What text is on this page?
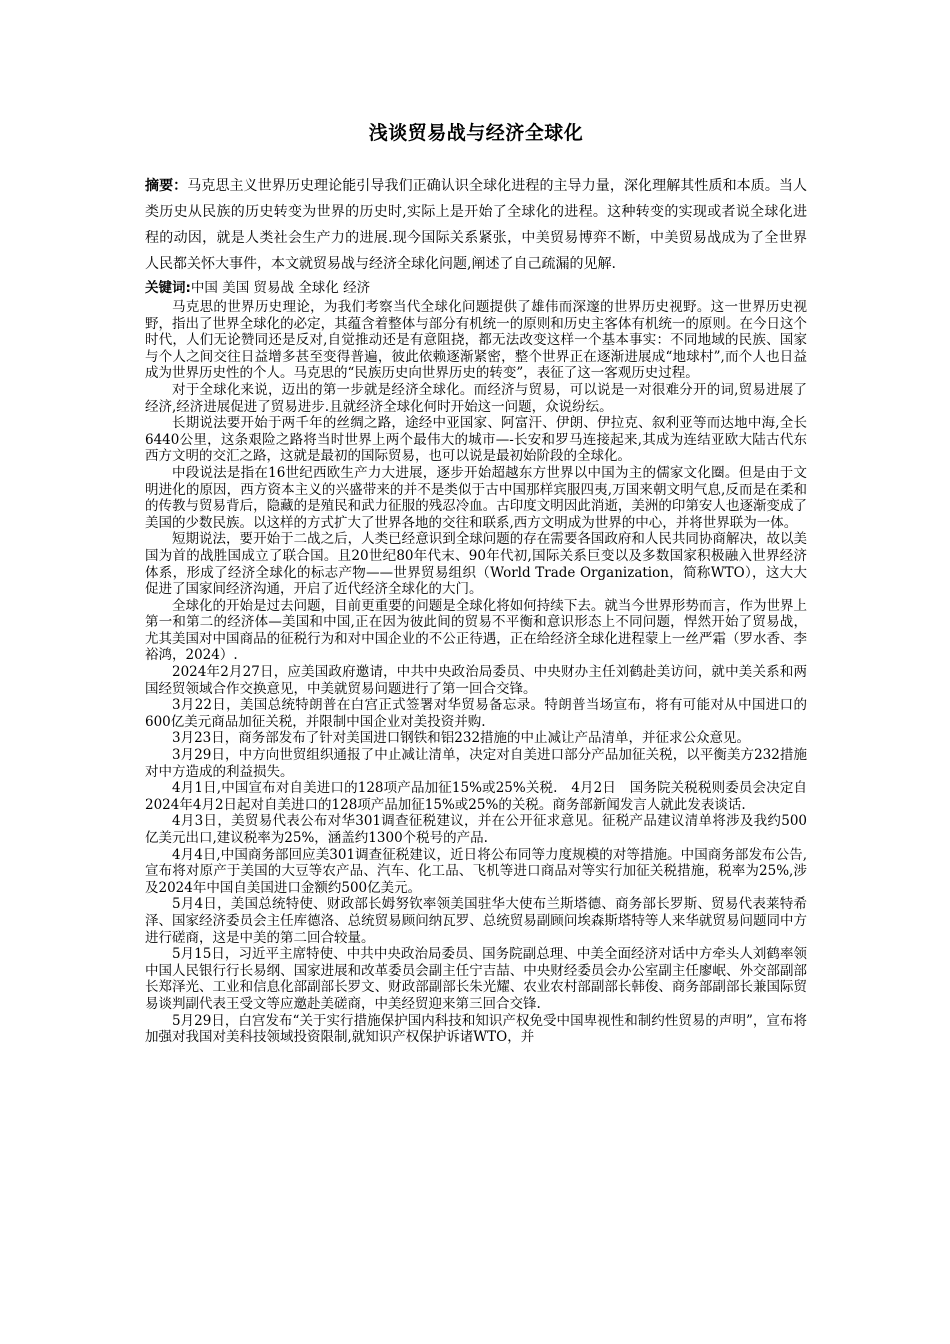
浅谈贸易战与经济全球化

摘要：马克思主义世界历史理论能引导我们正确认识全球化进程的主导力量，深化理解其性质和本质。当人类历史从民族的历史转变为世界的历史时,实际上是开始了全球化的进程。这种转变的实现或者说全球化进程的动因，就是人类社会生产力的进展.现今国际关系紧张，中美贸易博弈不断，中美贸易战成为了全世界人民都关怀大事件，本文就贸易战与经济全球化问题,阐述了自己疏漏的见解.

关键词:中国 美国 贸易战 全球化 经济

马克思的世界历史理论，为我们考察当代全球化问题提供了雄伟而深邃的世界历史视野。这一世界历史视野，指出了世界全球化的必定，其蕴含着整体与部分有机统一的原则和历史主客体有机统一的原则。在今日这个时代，人们无论赞同还是反对,自觉推动还是有意阻挠，都无法改变这样一个基本事实：不同地域的民族、国家与个人之间交往日益增多甚至变得普遍，彼此依赖逐渐紧密，整个世界正在逐渐进展成“地球村”,而个人也日益成为世界历史性的个人。马克思的“民族历史向世界历史的转变”，表征了这一客观历史过程。

对于全球化来说，迈出的第一步就是经济全球化。而经济与贸易，可以说是一对很难分开的词,贸易进展了经济,经济进展促进了贸易进步.且就经济全球化何时开始这一问题，众说纷纭。

长期说法要开始于两千年的丝绸之路，途经中亚国家、阿富汗、伊朗、伊拉克、叙利亚等而达地中海,全长6440公里，这条艰险之路将当时世界上两个最伟大的城市—-长安和罗马连接起来,其成为连结亚欧大陆古代东西方文明的交汇之路，这就是最初的国际贸易，也可以说是最初始阶段的全球化。

中段说法是指在16世纪西欧生产力大进展，逐步开始超越东方世界以中国为主的儒家文化圈。但是由于文明进化的原因，西方资本主义的兴盛带来的并不是类似于古中国那样宾服四夷,万国来朝文明气息,反而是在柔和的传教与贸易背后，隐藏的是殖民和武力征服的残忍冷血。古印度文明因此消逝，美洲的印第安人也逐渐变成了美国的少数民族。以这样的方式扩大了世界各地的交往和联系,西方文明成为世界的中心，并将世界联为一体。

短期说法，要开始于二战之后，人类已经意识到全球问题的存在需要各国政府和人民共同协商解决，故以美国为首的战胜国成立了联合国。且20世纪80年代末、90年代初,国际关系巨变以及多数国家积极融入世界经济体系，形成了经济全球化的标志产物——世界贸易组织（World Trade Organization，简称WTO），这大大促进了国家间经济沟通，开启了近代经济全球化的大门。

全球化的开始是过去问题，目前更重要的问题是全球化将如何持续下去。就当今世界形势而言，作为世界上第一和第二的经济体—美国和中国,正在因为彼此间的贸易不平衡和意识形态上不同问题，悍然开始了贸易战，尤其美国对中国商品的征税行为和对中国企业的不公正待遇，正在给经济全球化进程蒙上一丝严霜（罗水香、李裕鸿，2024）.

2024年2月27日，应美国政府邀请，中共中央政治局委员、中央财办主任刘鹤赴美访问，就中美关系和两国经贸领域合作交换意见，中美就贸易问题进行了第一回合交锋。

3月22日，美国总统特朗普在白宫正式签署对华贸易备忘录。特朗普当场宣布，将有可能对从中国进口的600亿美元商品加征关税，并限制中国企业对美投资并购.

3月23日，商务部发布了针对美国进口钢铁和铝232措施的中止减让产品清单，并征求公众意见。

3月29日，中方向世贸组织通报了中止减让清单，决定对自美进口部分产品加征关税，以平衡美方232措施对中方造成的利益损失。

4月1日,中国宣布对自美进口的128项产品加征15%或25%关税.　4月2日　国务院关税税则委员会决定自2024年4月2日起对自美进口的128项产品加征15%或25%的关税。商务部新闻发言人就此发表谈话.

4月3日，美贸易代表公布对华301调查征税建议，并在公开征求意见。征税产品建议清单将涉及我约500亿美元出口,建议税率为25%，涵盖约1300个税号的产品.

4月4日,中国商务部回应美301调查征税建议，近日将公布同等力度规模的对等措施。中国商务部发布公告,宣布将对原产于美国的大豆等农产品、汽车、化工品、飞机等进口商品对等实行加征关税措施，税率为25%,涉及2024年中国自美国进口金额约500亿美元。

5月4日，美国总统特使、财政部长姆努钦率领美国驻华大使布兰斯塔德、商务部长罗斯、贸易代表莱特希泽、国家经济委员会主任库德洛、总统贸易顾问纳瓦罗、总统贸易副顾问埃森斯塔特等人来华就贸易问题同中方进行磋商，这是中美的第二回合较量。

5月15日，习近平主席特使、中共中央政治局委员、国务院副总理、中美全面经济对话中方牵头人刘鹤率领中国人民银行行长易纲、国家进展和改革委员会副主任宁吉喆、中央财经委员会办公室副主任廖岷、外交部副部长郑泽光、工业和信息化部副部长罗文、财政部副部长朱光耀、农业农村部副部长韩俊、商务部副部长兼国际贸易谈判副代表王受文等应邀赴美磋商，中美经贸迎来第三回合交锋.

5月29日，白宫发布“关于实行措施保护国内科技和知识产权免受中国卑视性和制约性贸易的声明”，宣布将加强对我国对美科技领域投资限制,就知识产权保护诉诸WTO，并
